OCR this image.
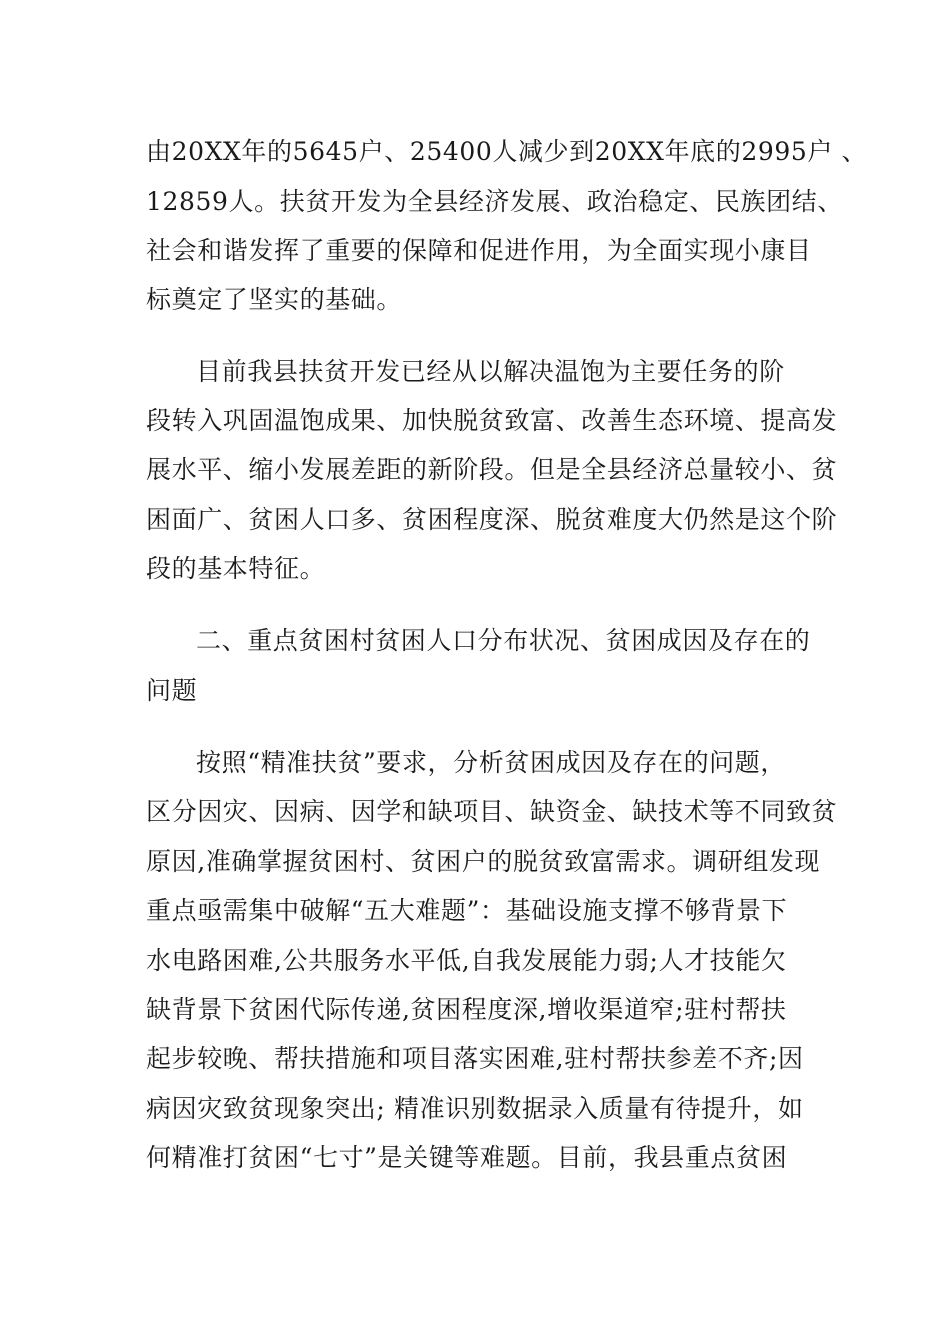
由20XX年的5645户、25400人减少到20XX年底的2995户 、
12859人。扶贫开发为全县经济发展、政治稳定、民族团结、
社会和谐发挥了重要的保障和促进作用，为全面实现小康目
标奠定了坚实的基础。
目前我县扶贫开发已经从以解决温饱为主要任务的阶
段转入巩固温饱成果、加快脱贫致富、改善生态环境、提高发
展水平、缩小发展差距的新阶段。但是全县经济总量较小、贫
困面广、贫困人口多、贫困程度深、脱贫难度大仍然是这个阶
段的基本特征。
二、重点贫困村贫困人口分布状况、贫困成因及存在的
问题
按照“精准扶贫”要求，分析贫困成因及存在的问题，
区分因灾、因病、因学和缺项目、缺资金、缺技术等不同致贫
原因,准确掌握贫困村、贫困户的脱贫致富需求。调研组发现
重点亟需集中破解“五大难题”：基础设施支撑不够背景下
水电路困难,公共服务水平低,自我发展能力弱;人才技能欠
缺背景下贫困代际传递,贫困程度深,增收渠道窄;驻村帮扶
起步较晚、帮扶措施和项目落实困难,驻村帮扶参差不齐;因
病因灾致贫现象突出; 精准识别数据录入质量有待提升，如
何精准打贫困“七寸”是关键等难题。目前，我县重点贫困
